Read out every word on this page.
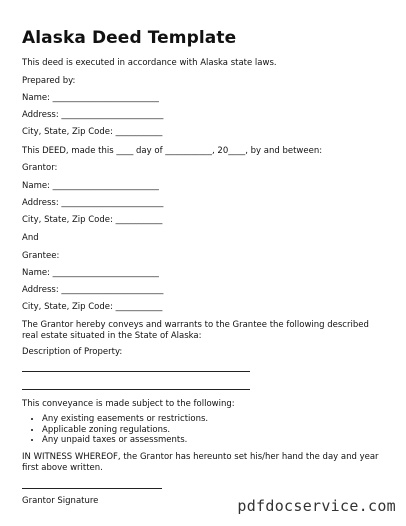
Alaska Deed Template
This deed is executed in accordance with Alaska state laws.
Prepared by:
Name: _________________________
Address: ________________________
City, State, Zip Code: ___________
This DEED, made this ____ day of ___________, 20____, by and between:
Grantor:
Name: _________________________
Address: ________________________
City, State, Zip Code: ___________
And
Grantee:
Name: _________________________
Address: ________________________
City, State, Zip Code: ___________

The Grantor hereby conveys and warrants to the Grantee the following described real estate situated in the State of Alaska:

Description of Property:
This conveyance is made subject to the following:
• Any existing easements or restrictions.
• Applicable zoning regulations.
• Any unpaid taxes or assessments.

IN WITNESS WHEREOF, the Grantor has hereunto set his/her hand the day and year first above written.

Grantor Signature	pdfdocservice.com
